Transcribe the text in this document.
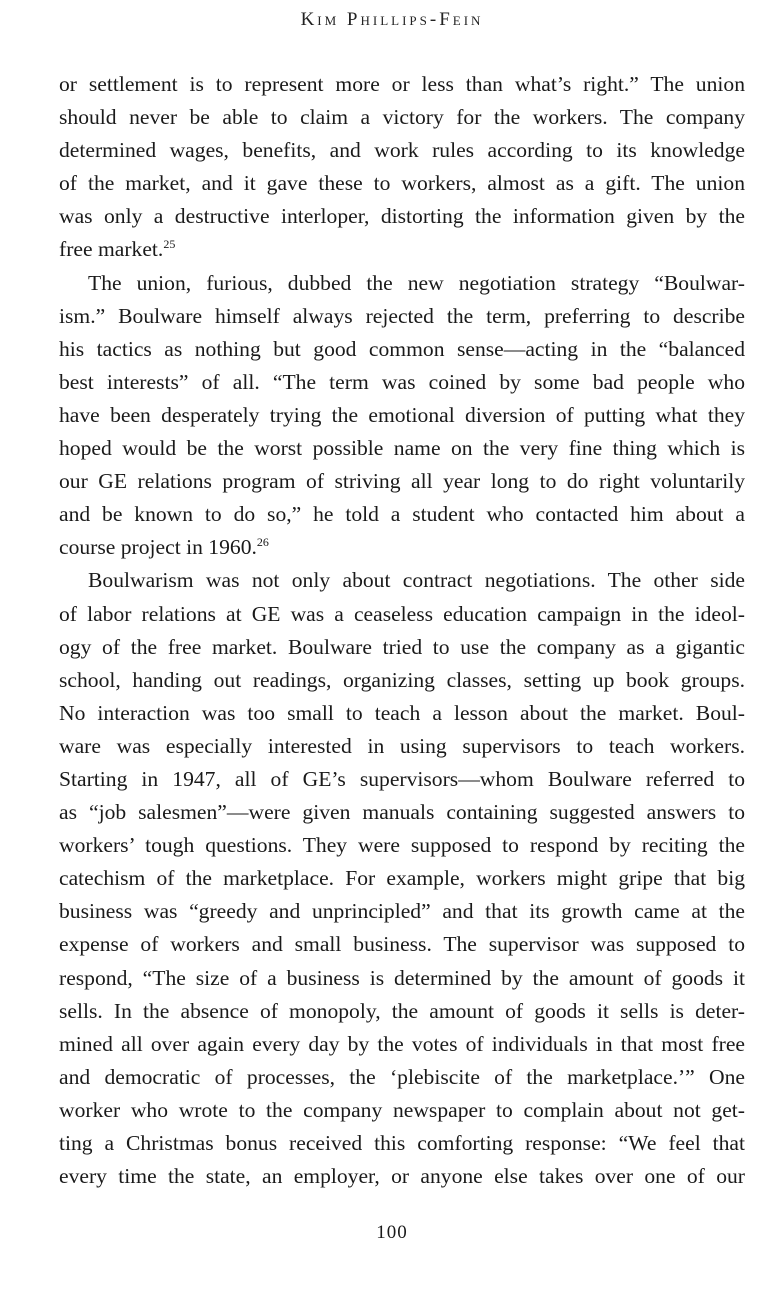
Kim Phillips-Fein
or settlement is to represent more or less than what’s right.” The union
should never be able to claim a victory for the workers. The company
determined wages, benefits, and work rules according to its knowledge
of the market, and it gave these to workers, almost as a gift. The union
was only a destructive interloper, distorting the information given by the
free market.$^{25}$
The union, furious, dubbed the new negotiation strategy “Boulwar-
ism.” Boulware himself always rejected the term, preferring to describe
his tactics as nothing but good common sense—acting in the “balanced
best interests” of all. “The term was coined by some bad people who
have been desperately trying the emotional diversion of putting what they
hoped would be the worst possible name on the very fine thing which is
our GE relations program of striving all year long to do right voluntarily
and be known to do so,” he told a student who contacted him about a
course project in 1960.26
Boulwarism was not only about contract negotiations. The other side
of labor relations at GE was a ceaseless education campaign in the ideol-
ogy of the free market. Boulware tried to use the company as a gigantic
school, handing out readings, organizing classes, setting up book groups.
No interaction was too small to teach a lesson about the market. Boul-
ware was especially interested in using supervisors to teach workers.
Starting in 1947, all of GE’s supervisors—whom Boulware referred to
as “job salesmen”—were given manuals containing suggested answers to
workers’ tough questions. They were supposed to respond by reciting the
catechism of the marketplace. For example, workers might gripe that big
business was “greedy and unprincipled” and that its growth came at the
expense of workers and small business. The supervisor was supposed to
respond, “The size of a business is determined by the amount of goods it
sells. In the absence of monopoly, the amount of goods it sells is deter-
mined all over again every day by the votes of individuals in that most free
and democratic of processes, the ‘plebiscite of the marketplace.’” One
worker who wrote to the company newspaper to complain about not get-
ting a Christmas bonus received this comforting response: “We feel that
every time the state, an employer, or anyone else takes over one of our
100
